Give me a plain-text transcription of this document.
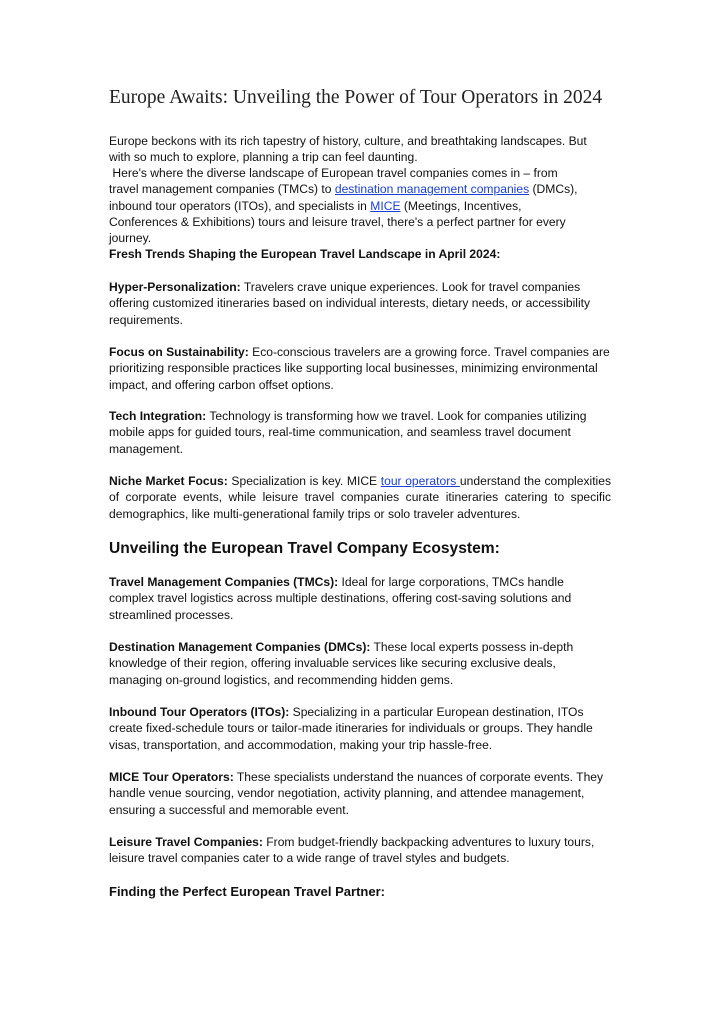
Europe Awaits: Unveiling the Power of Tour Operators in 2024

Europe beckons with its rich tapestry of history, culture, and breathtaking landscapes. But with so much to explore, planning a trip can feel daunting.

Here's where the diverse landscape of European travel companies comes in – from travel management companies (TMCs) to destination management companies (DMCs), inbound tour operators (ITOs), and specialists in MICE (Meetings, Incentives, Conferences & Exhibitions) tours and leisure travel, there's a perfect partner for every journey.

Fresh Trends Shaping the European Travel Landscape in April 2024:

Hyper-Personalization: Travelers crave unique experiences. Look for travel companies offering customized itineraries based on individual interests, dietary needs, or accessibility requirements.

Focus on Sustainability: Eco-conscious travelers are a growing force. Travel companies are prioritizing responsible practices like supporting local businesses, minimizing environmental impact, and offering carbon offset options.

Tech Integration: Technology is transforming how we travel. Look for companies utilizing mobile apps for guided tours, real-time communication, and seamless travel document management.

Niche Market Focus: Specialization is key. MICE tour operators understand the complexities of corporate events, while leisure travel companies curate itineraries catering to specific demographics, like multi-generational family trips or solo traveler adventures.

Unveiling the European Travel Company Ecosystem:

Travel Management Companies (TMCs): Ideal for large corporations, TMCs handle complex travel logistics across multiple destinations, offering cost-saving solutions and streamlined processes.

Destination Management Companies (DMCs): These local experts possess in-depth knowledge of their region, offering invaluable services like securing exclusive deals, managing on-ground logistics, and recommending hidden gems.

Inbound Tour Operators (ITOs): Specializing in a particular European destination, ITOs create fixed-schedule tours or tailor-made itineraries for individuals or groups. They handle visas, transportation, and accommodation, making your trip hassle-free.

MICE Tour Operators: These specialists understand the nuances of corporate events. They handle venue sourcing, vendor negotiation, activity planning, and attendee management, ensuring a successful and memorable event.

Leisure Travel Companies: From budget-friendly backpacking adventures to luxury tours, leisure travel companies cater to a wide range of travel styles and budgets.

Finding the Perfect European Travel Partner:
